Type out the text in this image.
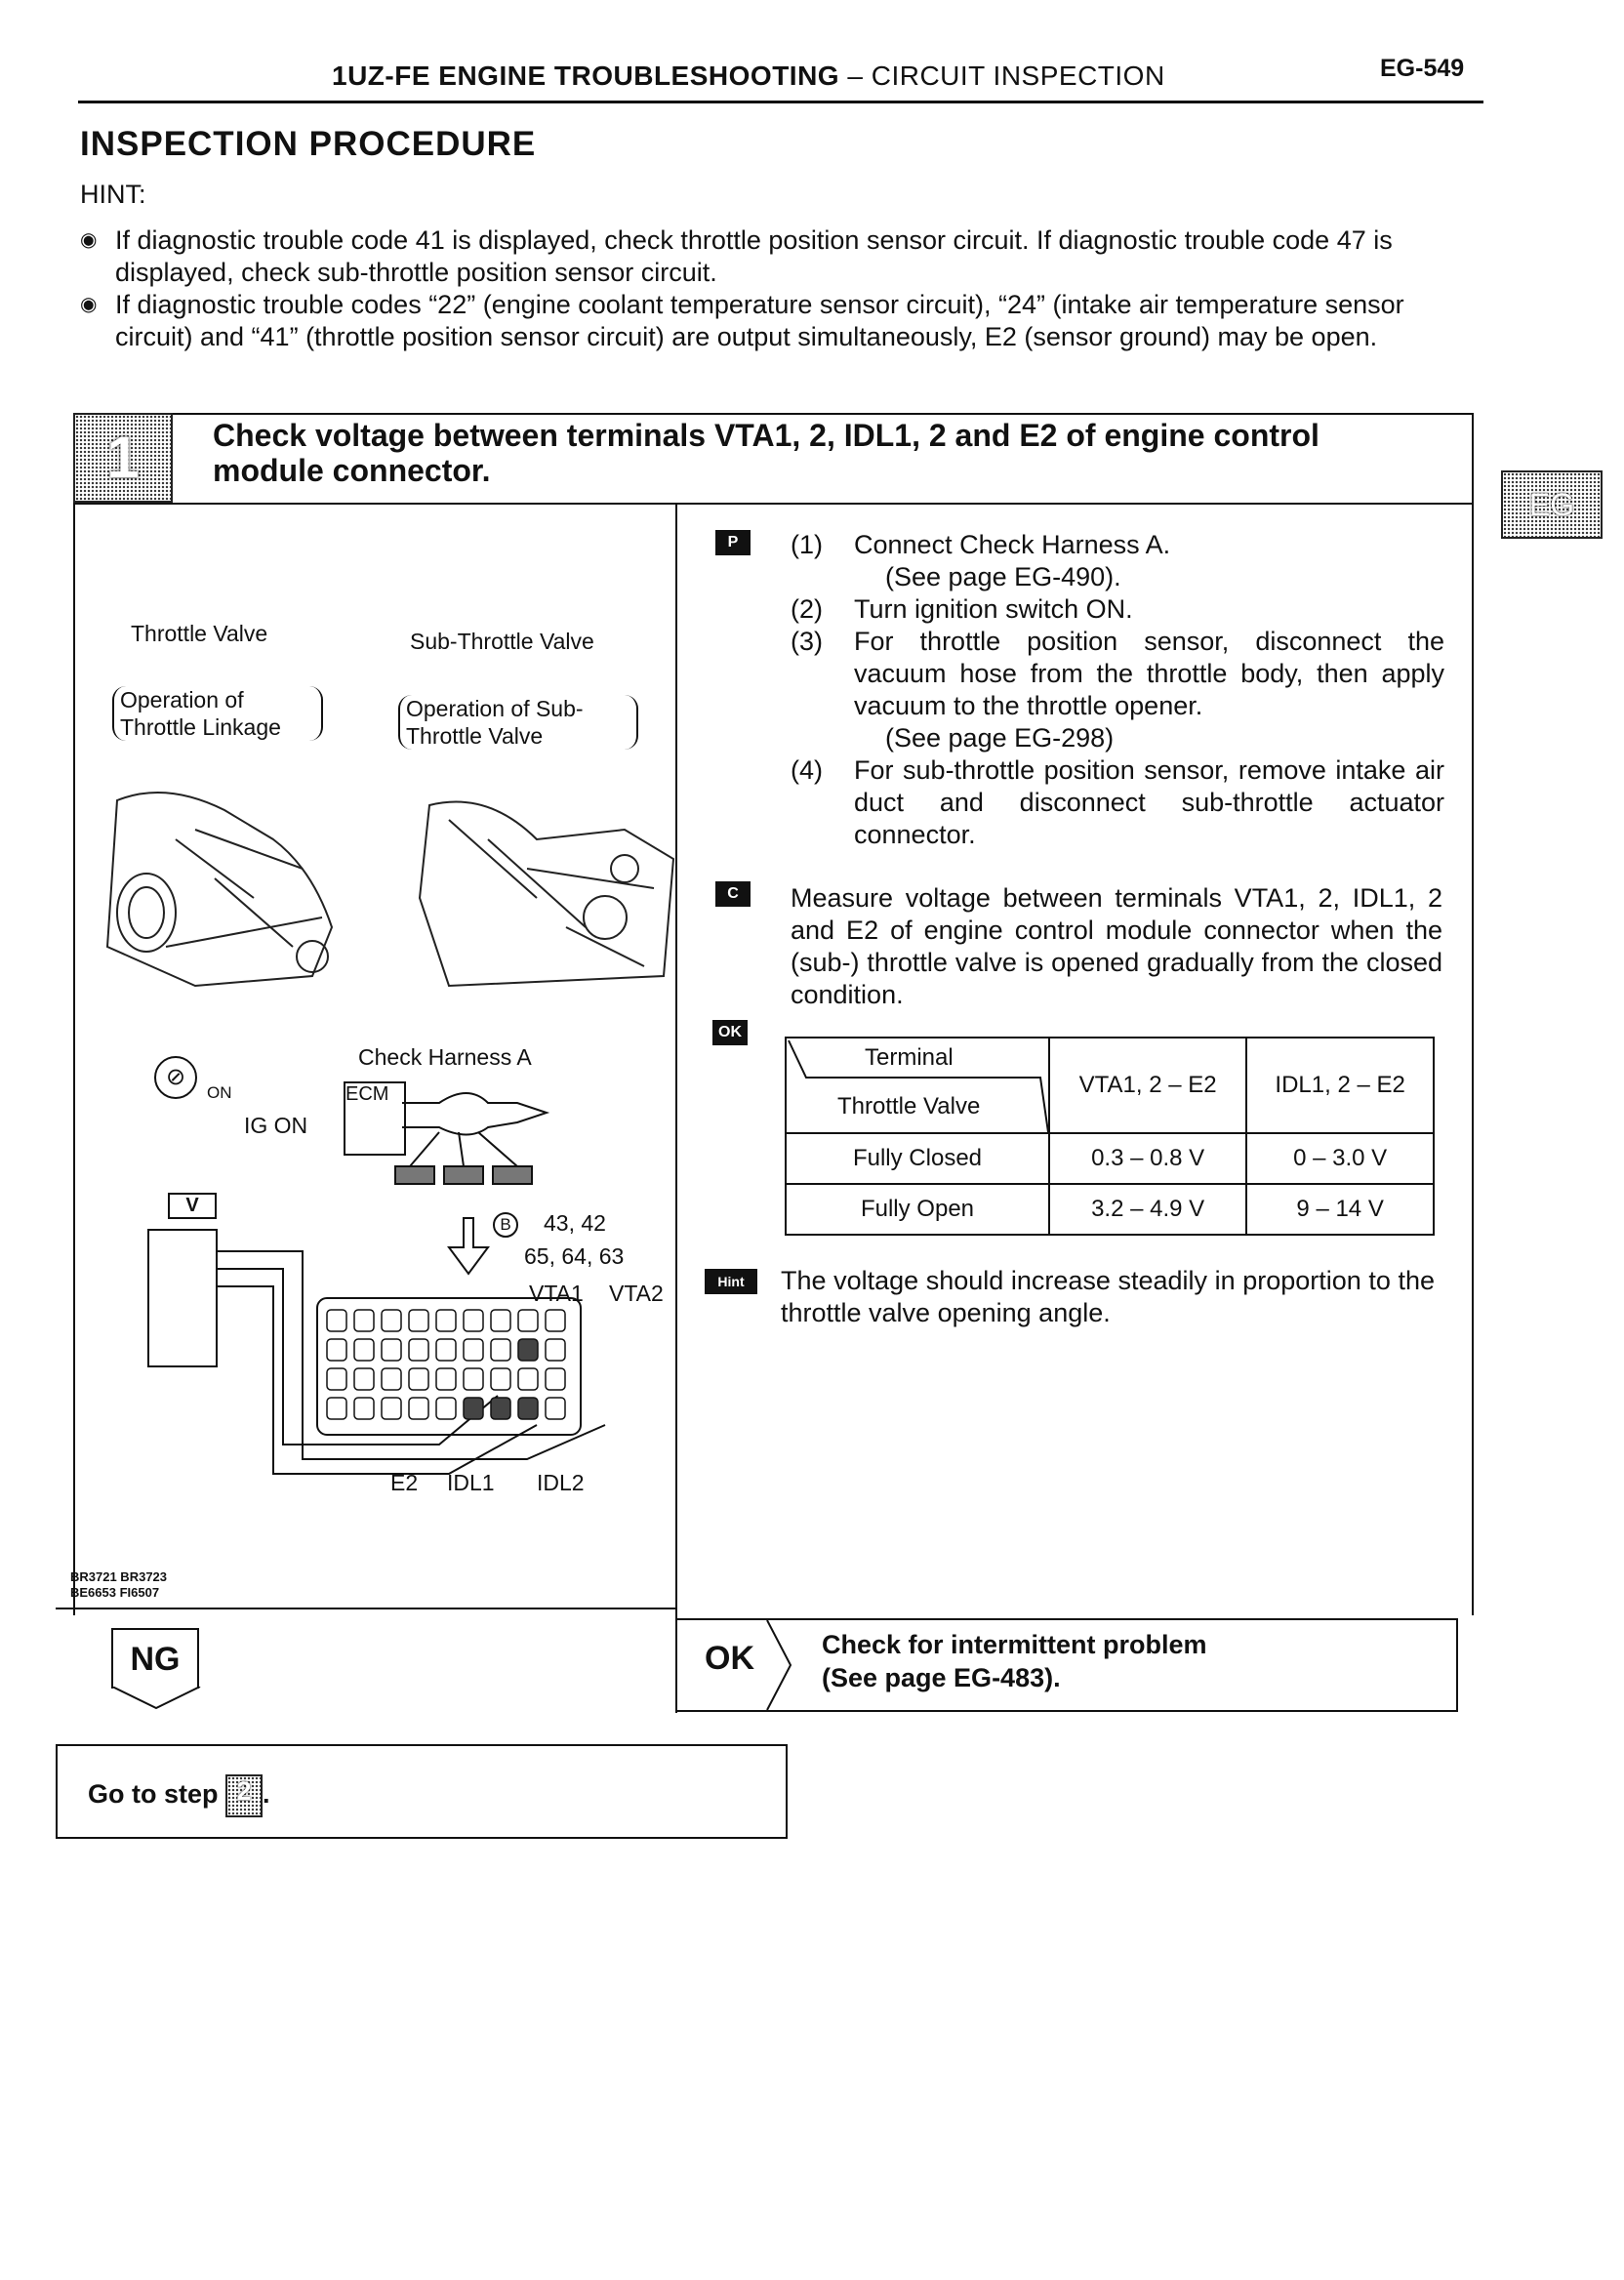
1UZ-FE ENGINE TROUBLESHOOTING – CIRCUIT INSPECTION	EG-549
INSPECTION PROCEDURE
HINT:
◉ If diagnostic trouble code 41 is displayed, check throttle position sensor circuit. If diagnostic trouble code 47 is displayed, check sub-throttle position sensor circuit.
◉ If diagnostic trouble codes “22” (engine coolant temperature sensor circuit), “24” (intake air temperature sensor circuit) and “41” (throttle position sensor circuit) are output simultaneously, E2 (sensor ground) may be open.
EG
1	Check voltage between terminals VTA1, 2, IDL1, 2 and E2 of engine control module connector.
Throttle Valve	Sub-Throttle Valve
Operation of Throttle Linkage
Operation of Sub-Throttle Valve
Check Harness A
⊘
ON
IG ON
ECM
V
B	43, 42
65, 64, 63
VTA1 VTA2
E2 IDL1 IDL2
BR3721 BR3723
BE6653 FI6507
P	(1) Connect Check Harness A.
(See page EG-490).
(2) Turn ignition switch ON.
(3) For throttle position sensor, disconnect the vacuum hose from the throttle body, then apply vacuum to the throttle opener.
(See page EG-298)
(4) For sub-throttle position sensor, remove intake air duct and disconnect sub-throttle actuator connector.
C	Measure voltage between terminals VTA1, 2, IDL1, 2 and E2 of engine control module connector when the (sub-) throttle valve is opened gradually from the closed condition.
OK
Terminal
Throttle Valve	VTA1, 2 – E2	IDL1, 2 – E2
Fully Closed	0.3 – 0.8 V	0 – 3.0 V
Fully Open	3.2 – 4.9 V	9 – 14 V
Hint	The voltage should increase steadily in proportion to the throttle valve opening angle.
OK	Check for intermittent problem
(See page EG-483).
NG
Go to step 2 .
